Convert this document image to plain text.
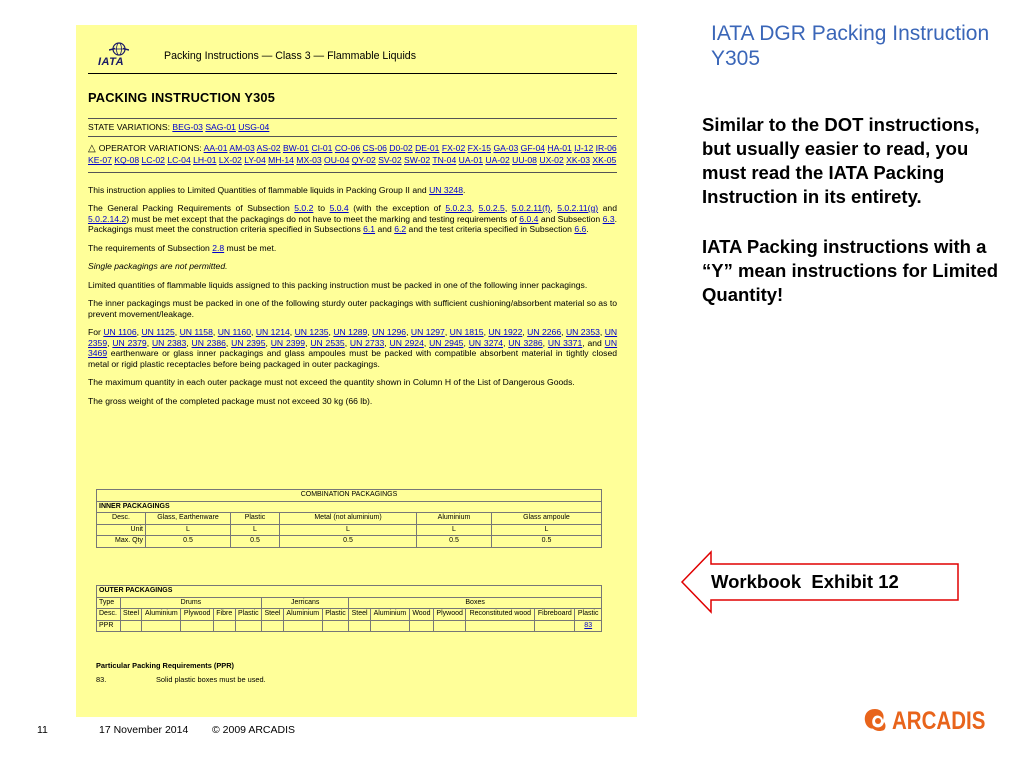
IATA
Packing Instructions — Class 3 — Flammable Liquids
PACKING INSTRUCTION Y305
STATE VARIATIONS: BEG-03 SAG-01 USG-04
△ OPERATOR VARIATIONS: AA-01 AM-03 AS-02 BW-01 CI-01 CO-06 CS-06 D0-02 DE-01 FX-02 FX-15 GA-03 GF-04 HA-01 IJ-12 IR-06 KE-07 KQ-08 LC-02 LC-04 LH-01 LX-02 LY-04 MH-14 MX-03 OU-04 QY-02 SV-02 SW-02 TN-04 UA-01 UA-02 UU-08 UX-02 XK-03 XK-05

This instruction applies to Limited Quantities of flammable liquids in Packing Group II and UN 3248.

The General Packing Requirements of Subsection 5.0.2 to 5.0.4 (with the exception of 5.0.2.3, 5.0.2.5, 5.0.2.11(f), 5.0.2.11(g) and 5.0.2.14.2) must be met except that the packagings do not have to meet the marking and testing requirements of 6.0.4 and Subsection 6.3. Packagings must meet the construction criteria specified in Subsections 6.1 and 6.2 and the test criteria specified in Subsection 6.6.

The requirements of Subsection 2.8 must be met.

Single packagings are not permitted.

Limited quantities of flammable liquids assigned to this packing instruction must be packed in one of the following inner packagings.

The inner packagings must be packed in one of the following sturdy outer packagings with sufficient cushioning/absorbent material so as to prevent movement/leakage.

For UN 1106, UN 1125, UN 1158, UN 1160, UN 1214, UN 1235, UN 1289, UN 1296, UN 1297, UN 1815, UN 1922, UN 2266, UN 2353, UN 2359, UN 2379, UN 2383, UN 2386, UN 2395, UN 2399, UN 2535, UN 2733, UN 2924, UN 2945, UN 3274, UN 3286, UN 3371, and UN 3469 earthenware or glass inner packagings and glass ampoules must be packed with compatible absorbent material in tightly closed metal or rigid plastic receptacles before being packaged in outer packagings.

The maximum quantity in each outer package must not exceed the quantity shown in Column H of the List of Dangerous Goods.

The gross weight of the completed package must not exceed 30 kg (66 lb).

COMBINATION PACKAGINGS					
INNER PACKAGINGS					
Desc.	Glass, Earthenware	Plastic	Metal (not aluminium)	Aluminium	Glass ampoule
Unit	L	L	L	L	L
Max. Qty	0.5	0.5	0.5	0.5	0.5
OUTER PACKAGINGS															
Type	Drums					Jerricans			Boxes						
Desc.	Steel	Aluminium	Plywood	Fibre	Plastic	Steel	Aluminium	Plastic	Steel	Aluminium	Wood	Plywood	Reconstituted wood	Fibreboard	Plastic
PPR															83
Particular Packing Requirements (PPR)
83.	Solid plastic boxes must be used.
IATA DGR Packing Instruction Y305

Similar to the DOT instructions, but usually easier to read, you must read the IATA Packing Instruction in its entirety.

IATA Packing instructions with a “Y” mean instructions for Limited Quantity!

Workbook  Exhibit 12
11	17 November 2014 © 2009 ARCADIS	ARCADIS
